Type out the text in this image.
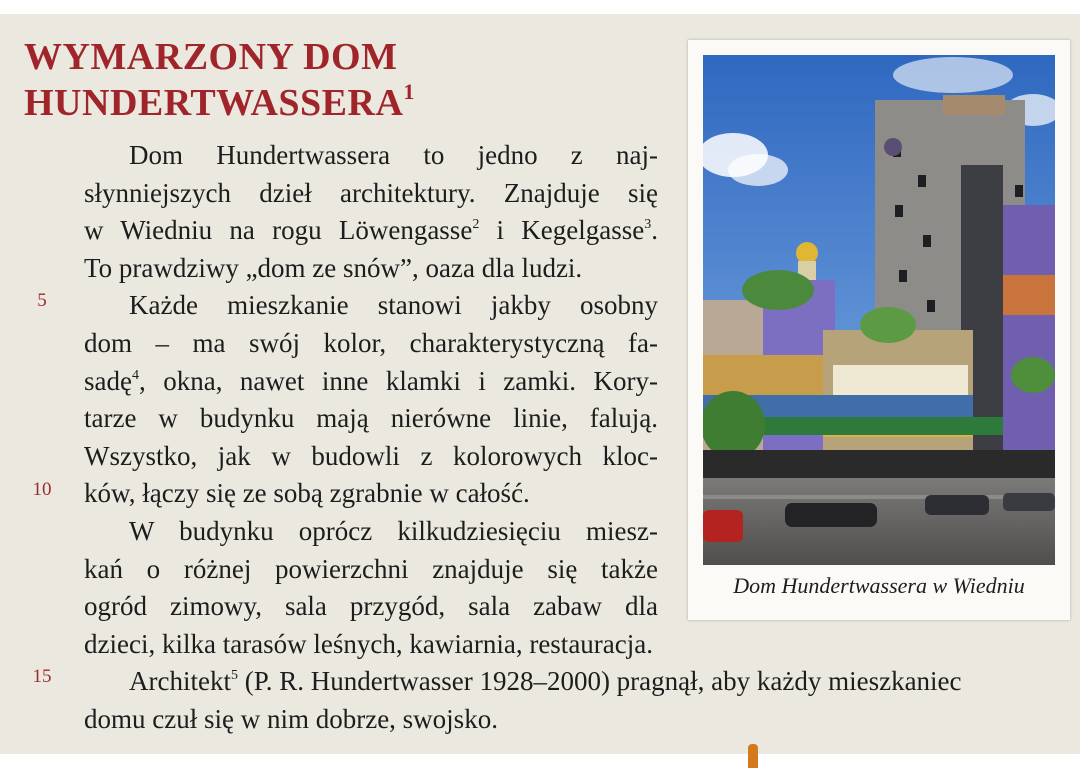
WYMARZONY DOM
HUNDERTWASSERA$^1$
5
10
15
Dom Hundertwassera to jedno z naj-
słynniejszych dzieł architektury. Znajduje się
w Wiedniu na rogu Löwengasse$^2$ i Kegelgasse$^3$.
To prawdziwy „dom ze snów”, oaza dla ludzi.
Każde mieszkanie stanowi jakby osobny
dom – ma swój kolor, charakterystyczną fa-
sadę$^4$, okna, nawet inne klamki i zamki. Kory-
tarze w budynku mają nierówne linie, falują.
Wszystko, jak w budowli z kolorowych kloc-
ków, łączy się ze sobą zgrabnie w całość.
W budynku oprócz kilkudziesięciu miesz-
kań o różnej powierzchni znajduje się także
ogród zimowy, sala przygód, sala zabaw dla
dzieci, kilka tarasów leśnych, kawiarnia, restauracja.
Architekt$^5$ (P. R. Hundertwasser 1928–2000) pragnął, aby każdy mieszkaniec
domu czuł się w nim dobrze, swojsko.
Dom Hundertwassera w Wiedniu
